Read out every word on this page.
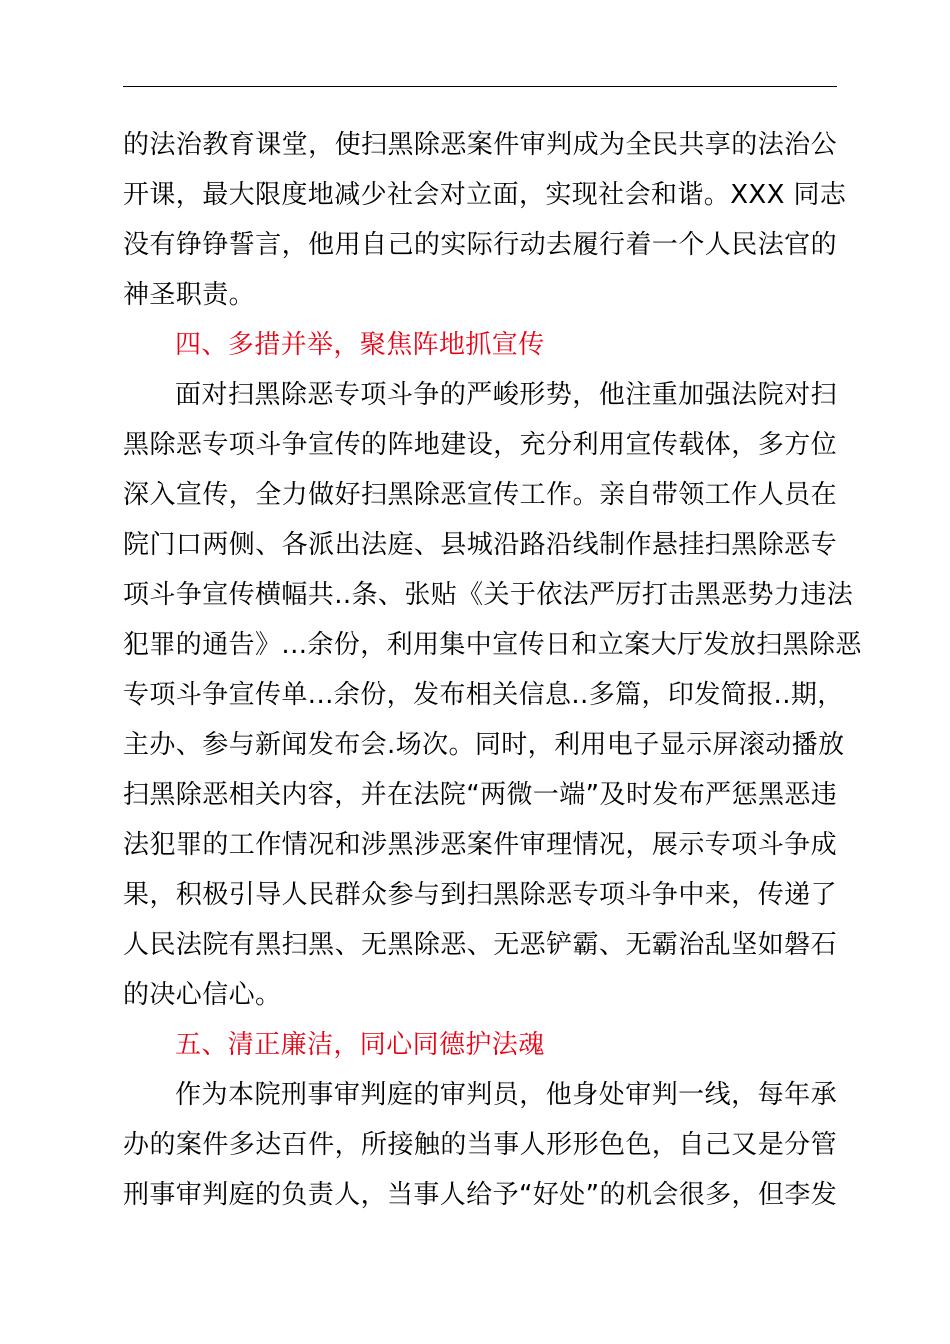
的法治教育课堂，使扫黑除恶案件审判成为全民共享的法治公
开课，最大限度地减少社会对立面，实现社会和谐。XXX 同志
没有铮铮誓言，他用自己的实际行动去履行着一个人民法官的
神圣职责。
四、多措并举，聚焦阵地抓宣传
面对扫黑除恶专项斗争的严峻形势，他注重加强法院对扫
黑除恶专项斗争宣传的阵地建设，充分利用宣传载体，多方位
深入宣传，全力做好扫黑除恶宣传工作。亲自带领工作人员在
院门口两侧、各派出法庭、县城沿路沿线制作悬挂扫黑除恶专
项斗争宣传横幅共..条、张贴《关于依法严厉打击黑恶势力违法
犯罪的通告》...余份，利用集中宣传日和立案大厅发放扫黑除恶
专项斗争宣传单...余份，发布相关信息..多篇，印发简报..期，
主办、参与新闻发布会.场次。同时，利用电子显示屏滚动播放
扫黑除恶相关内容，并在法院“两微一端”及时发布严惩黑恶违
法犯罪的工作情况和涉黑涉恶案件审理情况，展示专项斗争成
果，积极引导人民群众参与到扫黑除恶专项斗争中来，传递了
人民法院有黑扫黑、无黑除恶、无恶铲霸、无霸治乱坚如磐石
的决心信心。
五、清正廉洁，同心同德护法魂
作为本院刑事审判庭的审判员，他身处审判一线，每年承
办的案件多达百件，所接触的当事人形形色色，自己又是分管
刑事审判庭的负责人，当事人给予“好处”的机会很多，但李发
